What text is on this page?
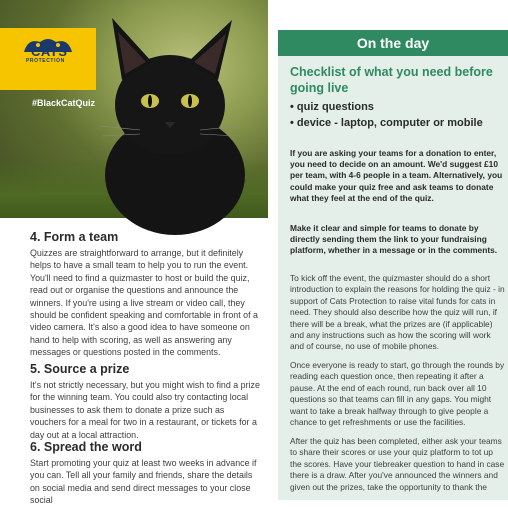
CATS
PROTECTION
#BlackCatQuiz
4. Form a team

Quizzes are straightforward to arrange, but it definitely helps to have a small team to help you to run the event. You'll need to find a quizmaster to host or build the quiz, read out or organise the questions and announce the winners. If you're using a live stream or video call, they should be confident speaking and comfortable in front of a video camera. It's also a good idea to have someone on hand to help with scoring, as well as answering any messages or questions posted in the comments.

5. Source a prize

It's not strictly necessary, but you might wish to find a prize for the winning team. You could also try contacting local businesses to ask them to donate a prize such as vouchers for a meal for two in a restaurant, or tickets for a day out at a local attraction.

6. Spread the word

Start promoting your quiz at least two weeks in advance if you can. Tell all your family and friends, share the details on social media and send direct messages to your close social

On the day
Checklist of what you need before going live
• quiz questions
• device - laptop, computer or mobile

If you are asking your teams for a donation to enter, you need to decide on an amount. We'd suggest £10 per team, with 4-6 people in a team. Alternatively, you could make your quiz free and ask teams to donate what they feel at the end of the quiz.

Make it clear and simple for teams to donate by directly sending them the link to your fundraising platform, whether in a message or in the comments.

To kick off the event, the quizmaster should do a short introduction to explain the reasons for holding the quiz - in support of Cats Protection to raise vital funds for cats in need. They should also describe how the quiz will run, if there will be a break, what the prizes are (if applicable) and any instructions such as how the scoring will work and of course, no use of mobile phones.

Once everyone is ready to start, go through the rounds by reading each question once, then repeating it after a pause. At the end of each round, run back over all 10 questions so that teams can fill in any gaps. You might want to take a break halfway through to give people a chance to get refreshments or use the facilities.

After the quiz has been completed, either ask your teams to share their scores or use your quiz platform to tot up the scores. Have your tiebreaker question to hand in case there is a draw. After you've announced the winners and given out the prizes, take the opportunity to thank the
